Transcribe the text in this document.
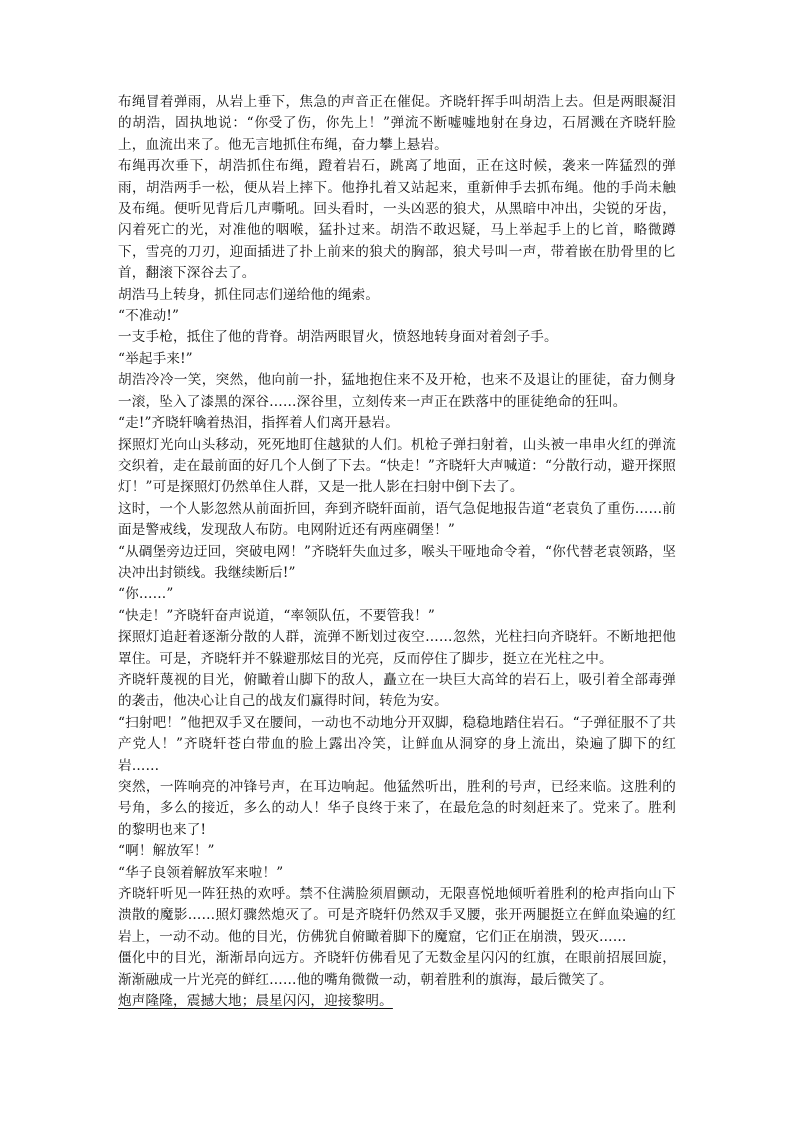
布绳冒着弹雨，从岩上垂下，焦急的声音正在催促。齐晓轩挥手叫胡浩上去。但是两眼凝泪的胡浩，固执地说：“你受了伤，你先上！”弹流不断嘘嘘地射在身边，石屑溅在齐晓轩脸上，血流出来了。他无言地抓住布绳，奋力攀上悬岩。

布绳再次垂下，胡浩抓住布绳，蹬着岩石，跳离了地面，正在这时候，袭来一阵猛烈的弹雨，胡浩两手一松，便从岩上摔下。他挣扎着又站起来，重新伸手去抓布绳。他的手尚未触及布绳。便听见背后几声嘶吼。回头看时，一头凶恶的狼犬，从黑暗中冲出，尖锐的牙齿，闪着死亡的光，对准他的咽喉，猛扑过来。胡浩不敢迟疑，马上举起手上的匕首，略微蹲下，雪亮的刀刃，迎面插进了扑上前来的狼犬的胸部，狼犬号叫一声，带着嵌在肋骨里的匕首，翻滚下深谷去了。

胡浩马上转身，抓住同志们递给他的绳索。

“不准动!”

一支手枪，抵住了他的背脊。胡浩两眼冒火，愤怒地转身面对着刽子手。

“举起手来!”

胡浩冷冷一笑，突然，他向前一扑，猛地抱住来不及开枪，也来不及退让的匪徒，奋力侧身一滚，坠入了漆黑的深谷……深谷里，立刻传来一声正在跌落中的匪徒绝命的狂叫。

“走!”齐晓轩噙着热泪，指挥着人们离开悬岩。

探照灯光向山头移动，死死地盯住越狱的人们。机枪子弹扫射着，山头被一串串火红的弹流交织着，走在最前面的好几个人倒了下去。“快走！”齐晓轩大声喊道：“分散行动，避开探照灯！”可是探照灯仍然单住人群，又是一批人影在扫射中倒下去了。

这时，一个人影忽然从前面折回，奔到齐晓轩面前，语气急促地报告道“老袁负了重伤……前面是警戒线，发现敌人布防。电网附近还有两座碉堡！”

“从碉堡旁边迂回，突破电网！”齐晓轩失血过多，喉头干哑地命令着，“你代替老袁领路，坚决冲出封锁线。我继续断后!”

“你……”

“快走！”齐晓轩奋声说道，“率领队伍，不要管我！”

探照灯追赶着逐渐分散的人群，流弹不断划过夜空……忽然，光柱扫向齐晓轩。不断地把他罩住。可是，齐晓轩并不躲避那炫目的光亮，反而停住了脚步，挺立在光柱之中。

齐晓轩蔑视的目光，俯瞰着山脚下的敌人，矗立在一块巨大高耸的岩石上，吸引着全部毒弹的袭击，他决心让自己的战友们赢得时间，转危为安。

“扫射吧！”他把双手叉在腰间，一动也不动地分开双脚，稳稳地踏住岩石。“子弹征服不了共产党人！”齐晓轩苍白带血的脸上露出冷笑，让鲜血从洞穿的身上流出，染遍了脚下的红岩……

突然，一阵响亮的冲锋号声，在耳边响起。他猛然听出，胜利的号声，已经来临。这胜利的号角，多么的接近，多么的动人！华子良终于来了，在最危急的时刻赶来了。党来了。胜利的黎明也来了!

“啊！解放军！”

“华子良领着解放军来啦！”

齐晓轩听见一阵狂热的欢呼。禁不住满脸须眉颤动，无限喜悦地倾听着胜利的枪声指向山下溃散的魔影……照灯骤然熄灭了。可是齐晓轩仍然双手叉腰，张开两腿挺立在鲜血染遍的红岩上，一动不动。他的目光，仿佛犹自俯瞰着脚下的魔窟，它们正在崩溃，毁灭……

僵化中的目光，渐渐昂向远方。齐晓轩仿佛看见了无数金星闪闪的红旗，在眼前招展回旋，渐渐融成一片光亮的鲜红……他的嘴角微微一动，朝着胜利的旗海，最后微笑了。

炮声隆隆，震撼大地；晨星闪闪，迎接黎明。
